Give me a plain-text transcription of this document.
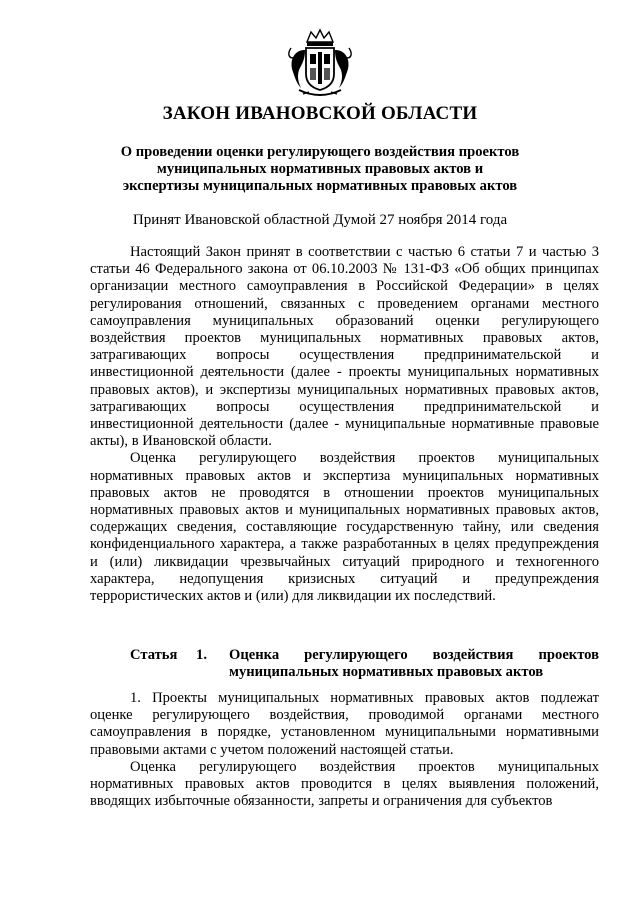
ЗАКОН ИВАНОВСКОЙ ОБЛАСТИ
О проведении оценки регулирующего воздействия проектов муниципальных нормативных правовых актов и экспертизы муниципальных нормативных правовых актов
Принят Ивановской областной Думой 27 ноября 2014 года

Настоящий Закон принят в соответствии с частью 6 статьи 7 и частью 3 статьи 46 Федерального закона от 06.10.2003 № 131-ФЗ «Об общих принципах организации местного самоуправления в Российской Федерации» в целях регулирования отношений, связанных с проведением органами местного самоуправления муниципальных образований оценки регулирующего воздействия проектов муниципальных нормативных правовых актов, затрагивающих вопросы осуществления предпринимательской и инвестиционной деятельности (далее - проекты муниципальных нормативных правовых актов), и экспертизы муниципальных нормативных правовых актов, затрагивающих вопросы осуществления предпринимательской и инвестиционной деятельности (далее - муниципальные нормативные правовые акты), в Ивановской области.

Оценка регулирующего воздействия проектов муниципальных нормативных правовых актов и экспертиза муниципальных нормативных правовых актов не проводятся в отношении проектов муниципальных нормативных правовых актов и муниципальных нормативных правовых актов, содержащих сведения, составляющие государственную тайну, или сведения конфиденциального характера, а также разработанных в целях предупреждения и (или) ликвидации чрезвычайных ситуаций природного и техногенного характера, недопущения кризисных ситуаций и предупреждения террористических актов и (или) для ликвидации их последствий.

Статья 1.	Оценка регулирующего воздействия проектов муниципальных нормативных правовых актов

1. Проекты муниципальных нормативных правовых актов подлежат оценке регулирующего воздействия, проводимой органами местного самоуправления в порядке, установленном муниципальными нормативными правовыми актами с учетом положений настоящей статьи.

Оценка регулирующего воздействия проектов муниципальных нормативных правовых актов проводится в целях выявления положений, вводящих избыточные обязанности, запреты и ограничения для субъектов
